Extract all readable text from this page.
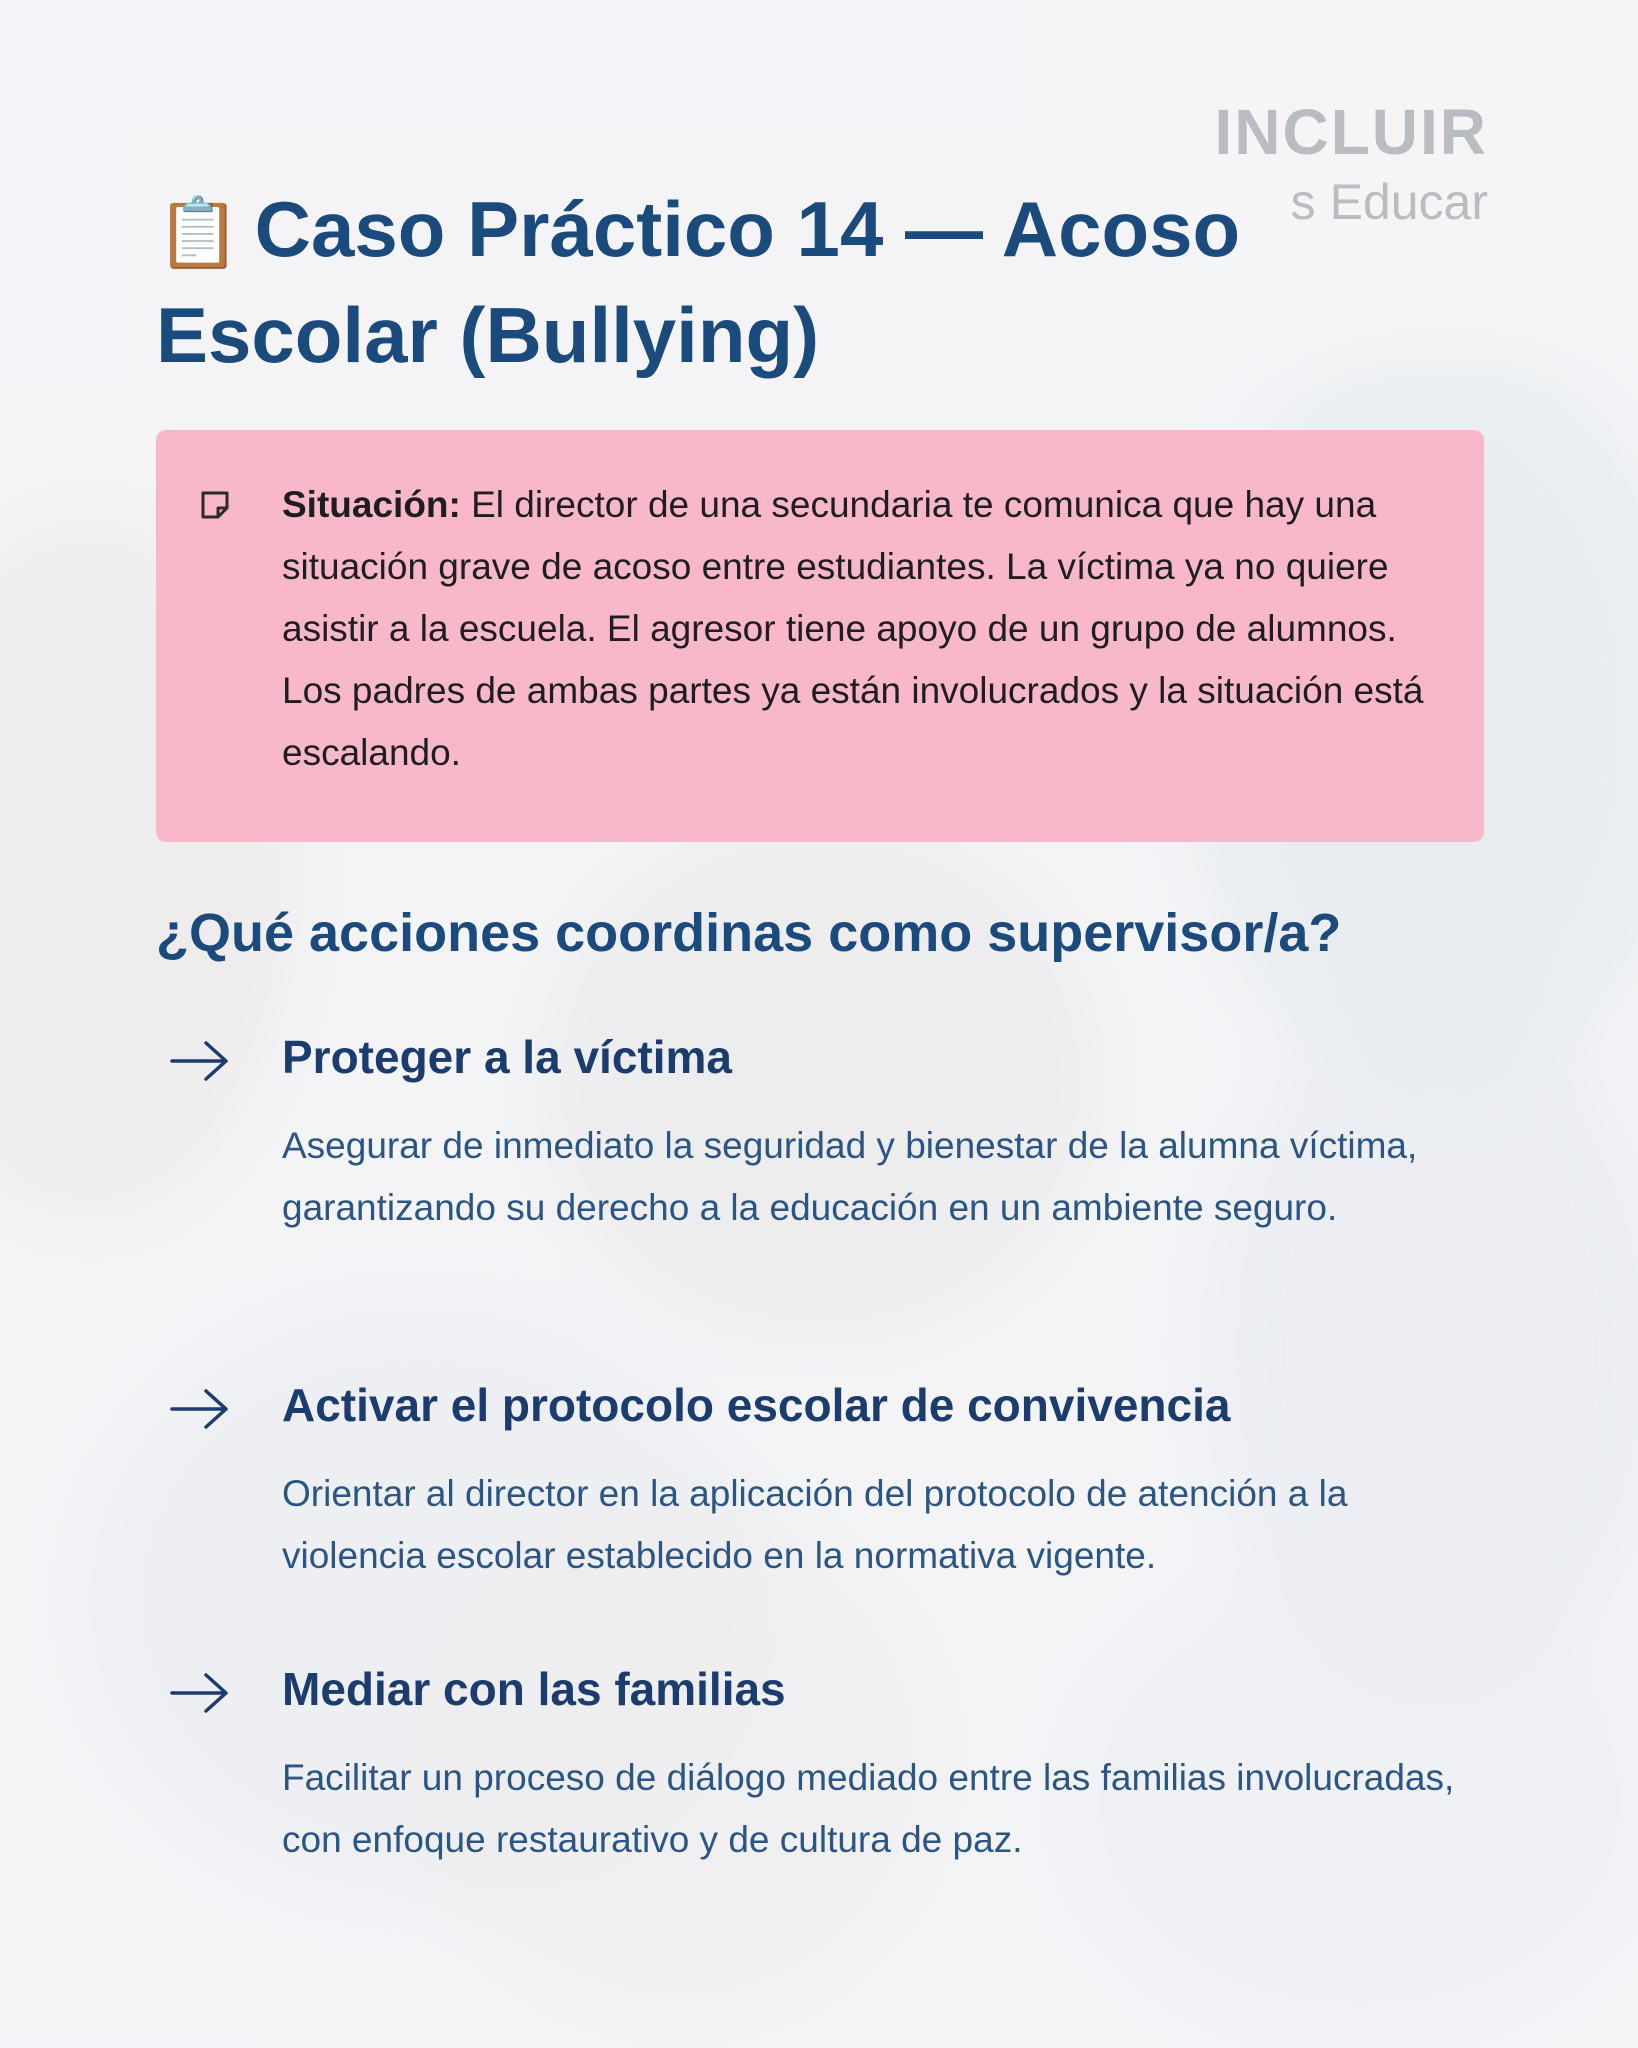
INCLUIR
s Educar
📋 Caso Práctico 14 — Acoso Escolar (Bullying)
Situación: El director de una secundaria te comunica que hay una situación grave de acoso entre estudiantes. La víctima ya no quiere asistir a la escuela. El agresor tiene apoyo de un grupo de alumnos. Los padres de ambas partes ya están involucrados y la situación está escalando.
¿Qué acciones coordinas como supervisor/a?
Proteger a la víctima

Asegurar de inmediato la seguridad y bienestar de la alumna víctima, garantizando su derecho a la educación en un ambiente seguro.

Activar el protocolo escolar de convivencia

Orientar al director en la aplicación del protocolo de atención a la violencia escolar establecido en la normativa vigente.

Mediar con las familias

Facilitar un proceso de diálogo mediado entre las familias involucradas, con enfoque restaurativo y de cultura de paz.
